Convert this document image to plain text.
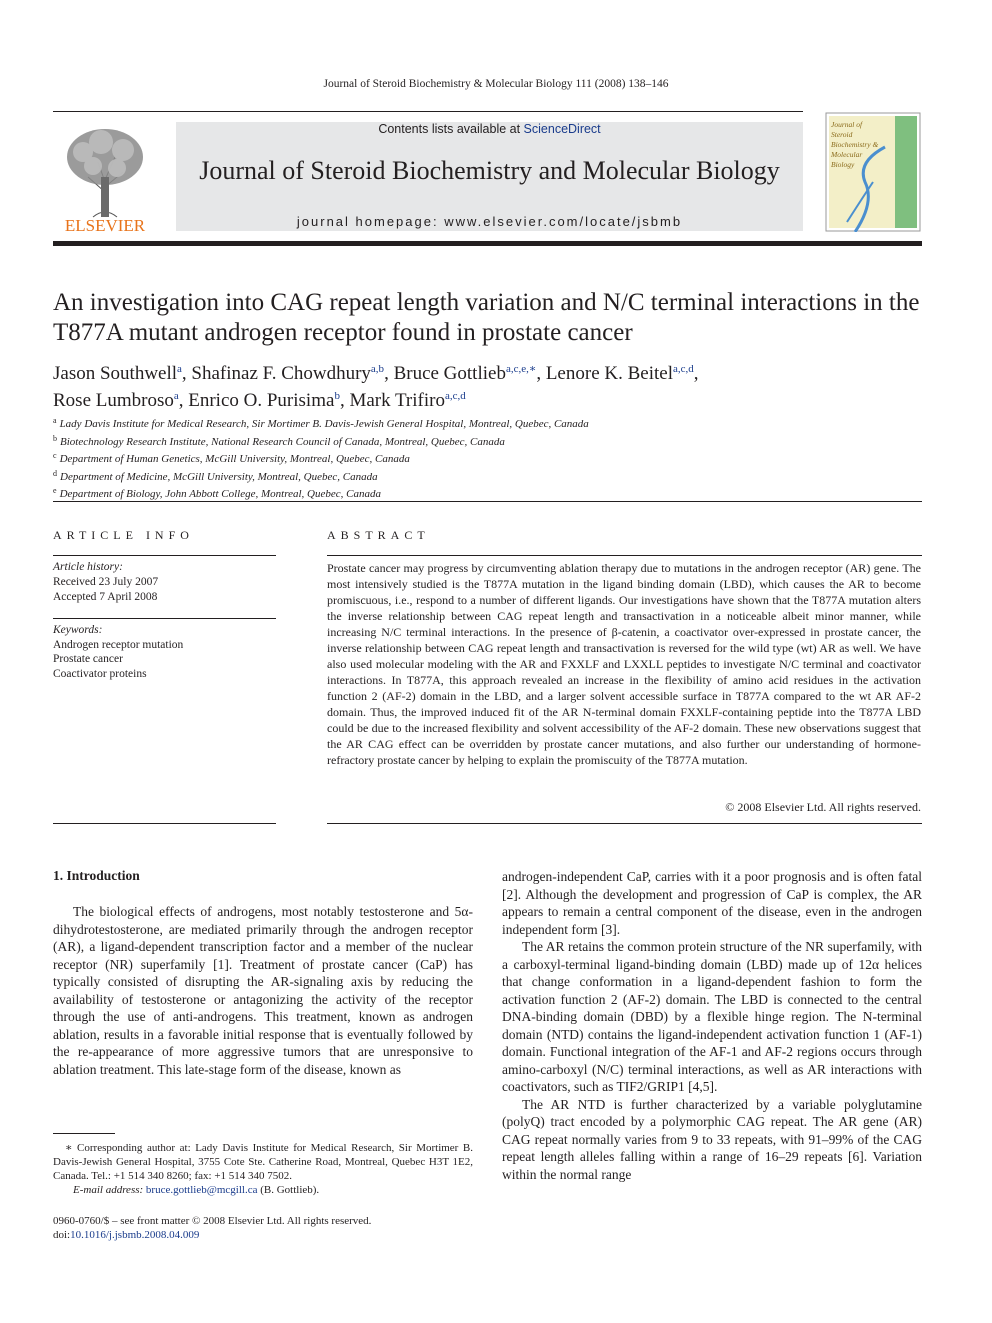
Journal of Steroid Biochemistry & Molecular Biology 111 (2008) 138–146
ELSEVIER
Contents lists available at ScienceDirect
Journal of Steroid Biochemistry and Molecular Biology
journal homepage: www.elsevier.com/locate/jsbmb
Journal of
Steroid
Biochemistry &
Molecular
Biology
An investigation into CAG repeat length variation and N/C terminal interactions in the T877A mutant androgen receptor found in prostate cancer
Jason Southwell$^a$, Shafinaz F. Chowdhury$^{a,b}$, Bruce Gottlieb$^{a,c,e,∗}$, Lenore K. Beitel$^{a,c,d}$,
Rose Lumbroso$^a$, Enrico O. Purisima$^b$, Mark Trifiro$^{a,c,d}$
$^a$ Lady Davis Institute for Medical Research, Sir Mortimer B. Davis-Jewish General Hospital, Montreal, Quebec, Canada
$^b$ Biotechnology Research Institute, National Research Council of Canada, Montreal, Quebec, Canada
$^c$ Department of Human Genetics, McGill University, Montreal, Quebec, Canada
$^d$ Department of Medicine, McGill University, Montreal, Quebec, Canada
$^e$ Department of Biology, John Abbott College, Montreal, Quebec, Canada
ARTICLE INFO
Article history:
Received 23 July 2007
Accepted 7 April 2008
Keywords:
Androgen receptor mutation
Prostate cancer
Coactivator proteins
ABSTRACT
Prostate cancer may progress by circumventing ablation therapy due to mutations in the androgen receptor (AR) gene. The most intensively studied is the T877A mutation in the ligand binding domain (LBD), which causes the AR to become promiscuous, i.e., respond to a number of different ligands. Our investigations have shown that the T877A mutation alters the inverse relationship between CAG repeat length and transactivation in a noticeable albeit minor manner, while increasing N/C terminal interactions. In the presence of β-catenin, a coactivator over-expressed in prostate cancer, the inverse relationship between CAG repeat length and transactivation is reversed for the wild type (wt) AR as well. We have also used molecular modeling with the AR and FXXLF and LXXLL peptides to investigate N/C terminal and coactivator interactions. In T877A, this approach revealed an increase in the flexibility of amino acid residues in the activation function 2 (AF-2) domain in the LBD, and a larger solvent accessible surface in T877A compared to the wt AR AF-2 domain. Thus, the improved induced fit of the AR N-terminal domain FXXLF-containing peptide into the T877A LBD could be due to the increased flexibility and solvent accessibility of the AF-2 domain. These new observations suggest that the AR CAG effect can be overridden by prostate cancer mutations, and also further our understanding of hormone-refractory prostate cancer by helping to explain the promiscuity of the T877A mutation.
© 2008 Elsevier Ltd. All rights reserved.
1. Introduction

The biological effects of androgens, most notably testosterone and 5α-dihydrotestosterone, are mediated primarily through the androgen receptor (AR), a ligand-dependent transcription factor and a member of the nuclear receptor (NR) superfamily [1]. Treatment of prostate cancer (CaP) has typically consisted of disrupting the AR-signaling axis by reducing the availability of testosterone or antagonizing the activity of the receptor through the use of anti-androgens. This treatment, known as androgen ablation, results in a favorable initial response that is eventually followed by the re-appearance of more aggressive tumors that are unresponsive to ablation treatment. This late-stage form of the disease, known as

androgen-independent CaP, carries with it a poor prognosis and is often fatal [2]. Although the development and progression of CaP is complex, the AR appears to remain a central component of the disease, even in the androgen independent form [3].

The AR retains the common protein structure of the NR superfamily, with a carboxyl-terminal ligand-binding domain (LBD) made up of 12α helices that change conformation in a ligand-dependent fashion to form the activation function 2 (AF-2) domain. The LBD is connected to the central DNA-binding domain (DBD) by a flexible hinge region. The N-terminal domain (NTD) contains the ligand-independent activation function 1 (AF-1) domain. Functional integration of the AF-1 and AF-2 regions occurs through amino-carboxyl (N/C) terminal interactions, as well as AR interactions with coactivators, such as TIF2/GRIP1 [4,5].

The AR NTD is further characterized by a variable polyglutamine (polyQ) tract encoded by a polymorphic CAG repeat. The AR gene (AR) CAG repeat normally varies from 9 to 33 repeats, with 91–99% of the CAG repeat length alleles falling within a range of 16–29 repeats [6]. Variation within the normal range

∗ Corresponding author at: Lady Davis Institute for Medical Research, Sir Mortimer B. Davis-Jewish General Hospital, 3755 Cote Ste. Catherine Road, Montreal, Quebec H3T 1E2, Canada. Tel.: +1 514 340 8260; fax: +1 514 340 7502.
E-mail address: bruce.gottlieb@mcgill.ca (B. Gottlieb).
0960-0760/$ – see front matter © 2008 Elsevier Ltd. All rights reserved.
doi:10.1016/j.jsbmb.2008.04.009
